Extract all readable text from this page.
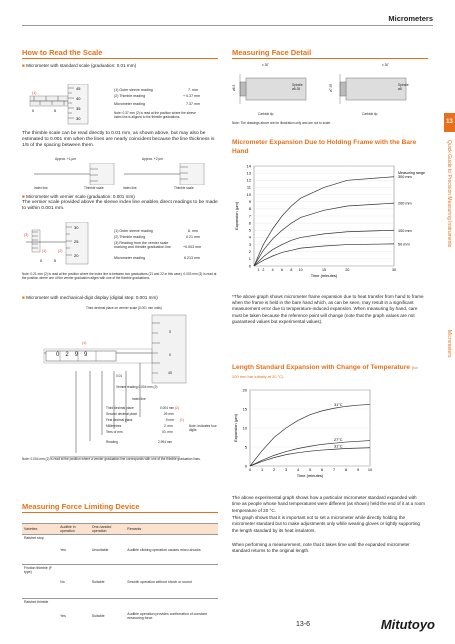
Micrometers
13
Quick Guide to Precision Measuring Instruments
Micrometers
How to Read the Scale
■ Micrometer with standard scale (graduation: 0.01 mm)
45
40
35
30
(1)
0	5
(1) Outer sleeve reading	7. mm
(2) Thimble reading	+ 0.37 mm
Micrometer reading	7.37 mm
Note: 0.37 mm (2) is read at the position where the sleeve index line is aligned to the thimble graduations.
The thimble scale can be read directly to 0.01 mm, as shown above, but may also be estimated to 0.001 mm when the lines are nearly coincident because the line thickness is 1/5 of the spacing between them.
Approx. +1 µm	Approx. +2 µm
Index line	Thimble scale	Index line	Thimble scale
■ Micrometer with vernier scale (graduation: 0.001 mm)
The vernier scale provided above the sleeve index line enables direct readings to be made to within 0.001 mm.
30
25
20
(3)
(1)	(2)
0	5
(1) Outer sleeve reading	6. mm
(2) Thimble reading	0.21 mm
(3) Reading from the vernier scale marking and thimble graduation line	+0.003 mm
Micrometer reading	6.213 mm
Note: 0.21 mm (2) is read at the position where the index line is between two graduations (21 and 22 in this case). 0.003 mm (3) is read at the position where one of the vernier graduation aligns with one of the thimble graduations.
■ Micrometer with mechanical-digit display (digital step: 0.001 mm)
Third decimal place on vernier scale (0.001 mm units)
5
0
45
(1)
0299
0.01
Vernier reading 0.004 mm (2)
Index line
Third decimal place	0.004 mm (2)
Second decimal place	.09 mm
First decimal place	.9 mm
Millimetres	2. mm
Tens of mm	00. mm
Reading	2.994 mm
(1)
Note: Indicates four digits
Note: 0.004 mm (2) is read at the position where a vernier graduation line corresponds with one of the thimble graduation lines.
Measuring Force Limiting Device
Varieties	Audible in operation	One-handed operation	Remarks
Ratchet stop	Yes	Unsuitable	Audible clicking operation causes micro-shocks
Friction thimble (F type)	No	Suitable	Smooth operation without shock or sound
Ratchet thimble	Yes	Suitable	Audible operation provides confirmation of constant measuring force
Measuring Face Detail
ø6.3	Spindle ø6.35	ø7.95	Spindle ø8
Carbide tip	Carbide tip
± 30'	± 30'
Note: The drawings above are for illustration only and are not to scale.
Micrometer Expansion Due to Holding Frame with the Bare Hand
0
1
2
3
4
5
6
7
8
9
10
11
12
13
14
1 2 4 6 8 10	15	20	30
Time (minutes)
Expansion (µm)
Measuring range
300 mm
200 mm
100 mm
50 mm
*The above graph shows micrometer frame expansion due to heat transfer from hand to frame when the frame is held in the bare hand which, as can be seen, may result in a significant measurement error due to temperature-induced expansion. When measuring by hand, care must be taken because the reference point will change (note that the graph values are not guaranteed values but experimental values).
Length Standard Expansion with Change of Temperature (for 200 mm bar initially at 20 °C)
0
5
10
15
20
0	1	2	3	4	5	6	7	8	9 10
Time (minutes)
Expansion (µm)
31°C
27°C
31°C
The above experimental graph shows how a particular micrometer standard expanded with time as people whose hand temperatures were different (as shown) held the end of it at a room temperature of 20 °C.
This graph shows that it is important not to set a micrometer while directly holding the micrometer standard but to make adjustments only while wearing gloves or lightly supporting the length standard by its heat insulators.
When performing a measurement, note that it takes time until the expanded micrometer standard returns to the original length.
13-6	Mitutoyo
